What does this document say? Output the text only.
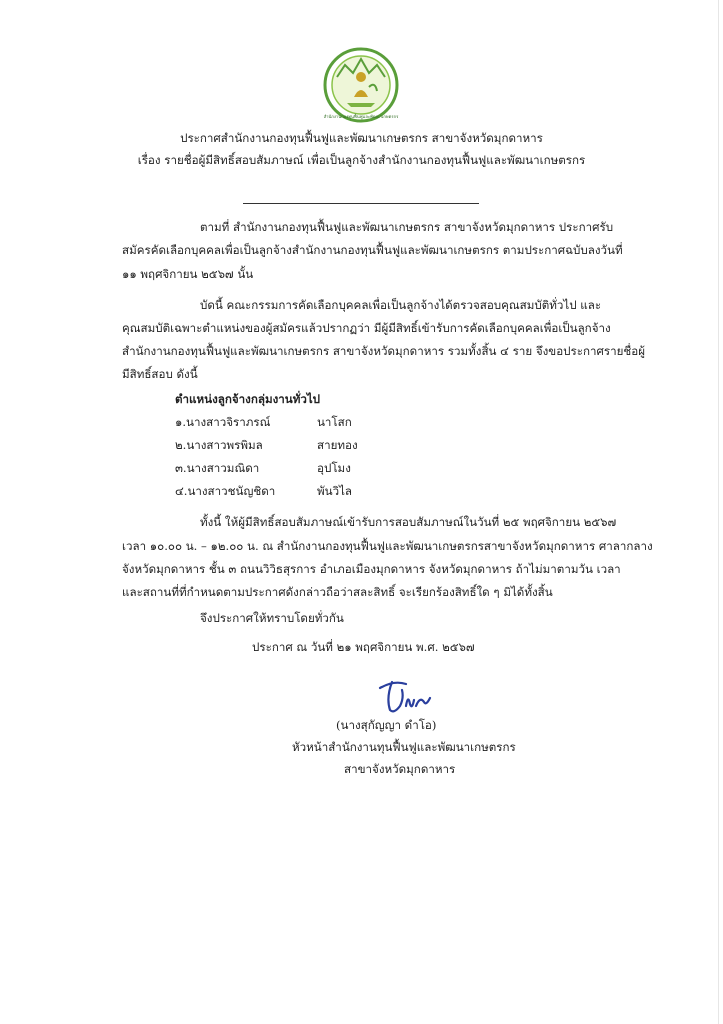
สำนักงานกองทุนฟื้นฟูและพัฒนาเกษตรกร
ประกาศสำนักงานกองทุนฟื้นฟูและพัฒนาเกษตรกร สาขาจังหวัดมุกดาหาร
เรื่อง รายชื่อผู้มีสิทธิ์สอบสัมภาษณ์ เพื่อเป็นลูกจ้างสำนักงานกองทุนฟื้นฟูและพัฒนาเกษตรกร
ตามที่ สำนักงานกองทุนฟื้นฟูและพัฒนาเกษตรกร สาขาจังหวัดมุกดาหาร ประกาศรับ
สมัครคัดเลือกบุคคลเพื่อเป็นลูกจ้างสำนักงานกองทุนฟื้นฟูและพัฒนาเกษตรกร ตามประกาศฉบับลงวันที่
๑๑ พฤศจิกายน ๒๕๖๗ นั้น
บัดนี้ คณะกรรมการคัดเลือกบุคคลเพื่อเป็นลูกจ้างได้ตรวจสอบคุณสมบัติทั่วไป และ
คุณสมบัติเฉพาะตำแหน่งของผู้สมัครแล้วปรากฏว่า มีผู้มีสิทธิ์เข้ารับการคัดเลือกบุคคลเพื่อเป็นลูกจ้าง
สำนักงานกองทุนฟื้นฟูและพัฒนาเกษตรกร สาขาจังหวัดมุกดาหาร รวมทั้งสิ้น ๔ ราย จึงขอประกาศรายชื่อผู้
มีสิทธิ์สอบ ดังนี้
ตำแหน่งลูกจ้างกลุ่มงานทั่วไป
๑.นางสาวจิราภรณ์	นาโสก
๒.นางสาวพรพิมล	สายทอง
๓.นางสาวมณิดา	อุปโมง
๔.นางสาวชนัญชิดา	พันวิไล
ทั้งนี้ ให้ผู้มีสิทธิ์สอบสัมภาษณ์เข้ารับการสอบสัมภาษณ์ในวันที่ ๒๕ พฤศจิกายน ๒๕๖๗
เวลา ๑๐.๐๐ น. – ๑๒.๐๐ น. ณ สำนักงานกองทุนฟื้นฟูและพัฒนาเกษตรกรสาขาจังหวัดมุกดาหาร ศาลากลาง
จังหวัดมุกดาหาร ชั้น ๓ ถนนวิวิธสุรการ อำเภอเมืองมุกดาหาร จังหวัดมุกดาหาร ถ้าไม่มาตามวัน เวลา
และสถานที่ที่กำหนดตามประกาศดังกล่าวถือว่าสละสิทธิ์ จะเรียกร้องสิทธิ์ใด ๆ มิได้ทั้งสิ้น
จึงประกาศให้ทราบโดยทั่วกัน
ประกาศ ณ วันที่ ๒๑ พฤศจิกายน พ.ศ. ๒๕๖๗
(นางสุกัญญา ดำโอ)
หัวหน้าสำนักงานทุนฟื้นฟูและพัฒนาเกษตรกร
สาขาจังหวัดมุกดาหาร
